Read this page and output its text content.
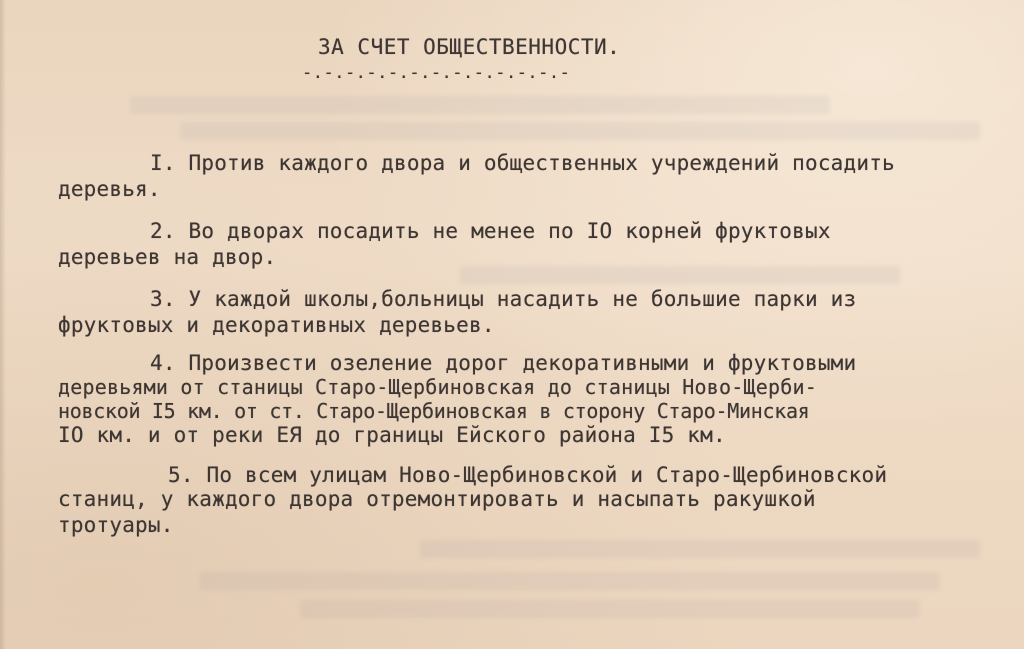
ЗА СЧЕТ ОБЩЕСТВЕННОСТИ.
-.-.-.-.-.-.-.-.-.-.-.-.-
I. Против каждого двора и общественных учреждений посадить
деревья.
2. Во дворах посадить не менее по IO корней фруктовых
деревьев на двор.
3. У каждой школы,больницы насадить не большие парки из
фруктовых и декоративных деревьев.
4. Произвести озеление дорог декоративными и фруктовыми
деревьями от станицы Старо-Щербиновская до станицы Ново-Щерби-
новской I5 км. от ст. Старо-Щербиновская в сторону Старо-Минская
IO км. и от реки ЕЯ до границы Ейского района I5 км.
5. По всем улицам Ново-Щербиновской и Старо-Щербиновской
станиц, у каждого двора отремонтировать и насыпать ракушкой
тротуары.
